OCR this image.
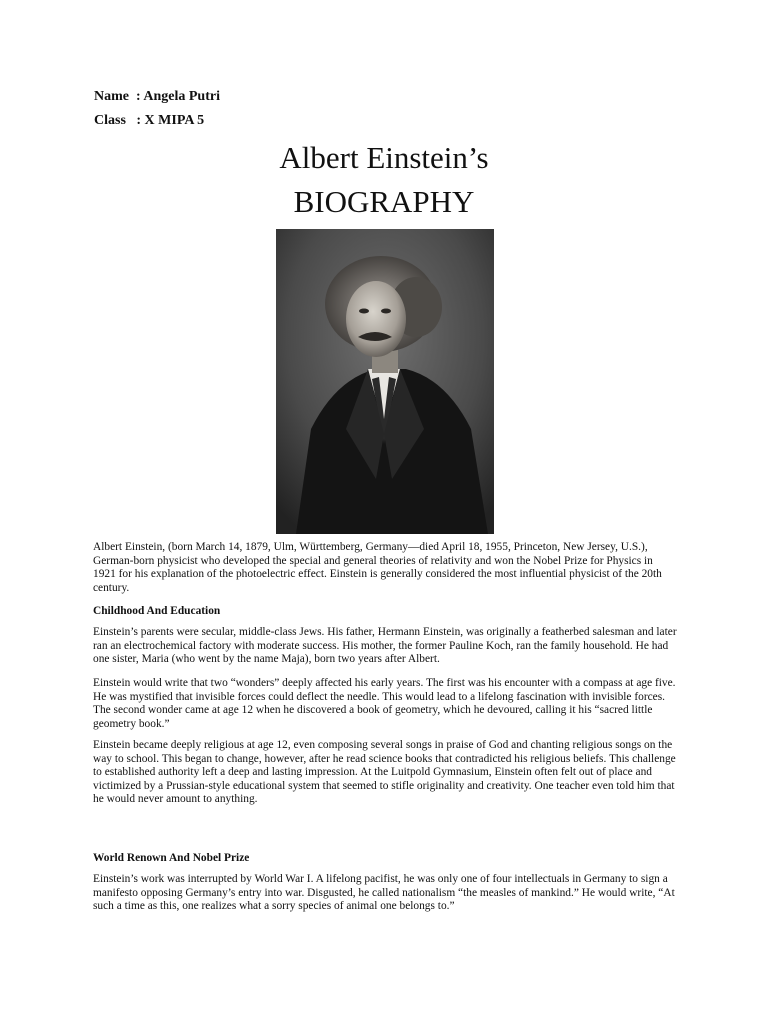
Name  : Angela Putri
Class   : X MIPA 5
Albert Einstein’s
BIOGRAPHY

Albert Einstein, (born March 14, 1879, Ulm, Württemberg, Germany—died April 18, 1955, Princeton, New Jersey, U.S.), German-born physicist who developed the special and general theories of relativity and won the Nobel Prize for Physics in 1921 for his explanation of the photoelectric effect. Einstein is generally considered the most influential physicist of the 20th century.

Childhood And Education

Einstein’s parents were secular, middle-class Jews. His father, Hermann Einstein, was originally a featherbed salesman and later ran an electrochemical factory with moderate success. His mother, the former Pauline Koch, ran the family household. He had one sister, Maria (who went by the name Maja), born two years after Albert.

Einstein would write that two “wonders” deeply affected his early years. The first was his encounter with a compass at age five. He was mystified that invisible forces could deflect the needle. This would lead to a lifelong fascination with invisible forces. The second wonder came at age 12 when he discovered a book of geometry, which he devoured, calling it his “sacred little geometry book.”

Einstein became deeply religious at age 12, even composing several songs in praise of God and chanting religious songs on the way to school. This began to change, however, after he read science books that contradicted his religious beliefs. This challenge to established authority left a deep and lasting impression. At the Luitpold Gymnasium, Einstein often felt out of place and victimized by a Prussian-style educational system that seemed to stifle originality and creativity. One teacher even told him that he would never amount to anything.

World Renown And Nobel Prize

Einstein’s work was interrupted by World War I. A lifelong pacifist, he was only one of four intellectuals in Germany to sign a manifesto opposing Germany’s entry into war. Disgusted, he called nationalism “the measles of mankind.” He would write, “At such a time as this, one realizes what a sorry species of animal one belongs to.”
